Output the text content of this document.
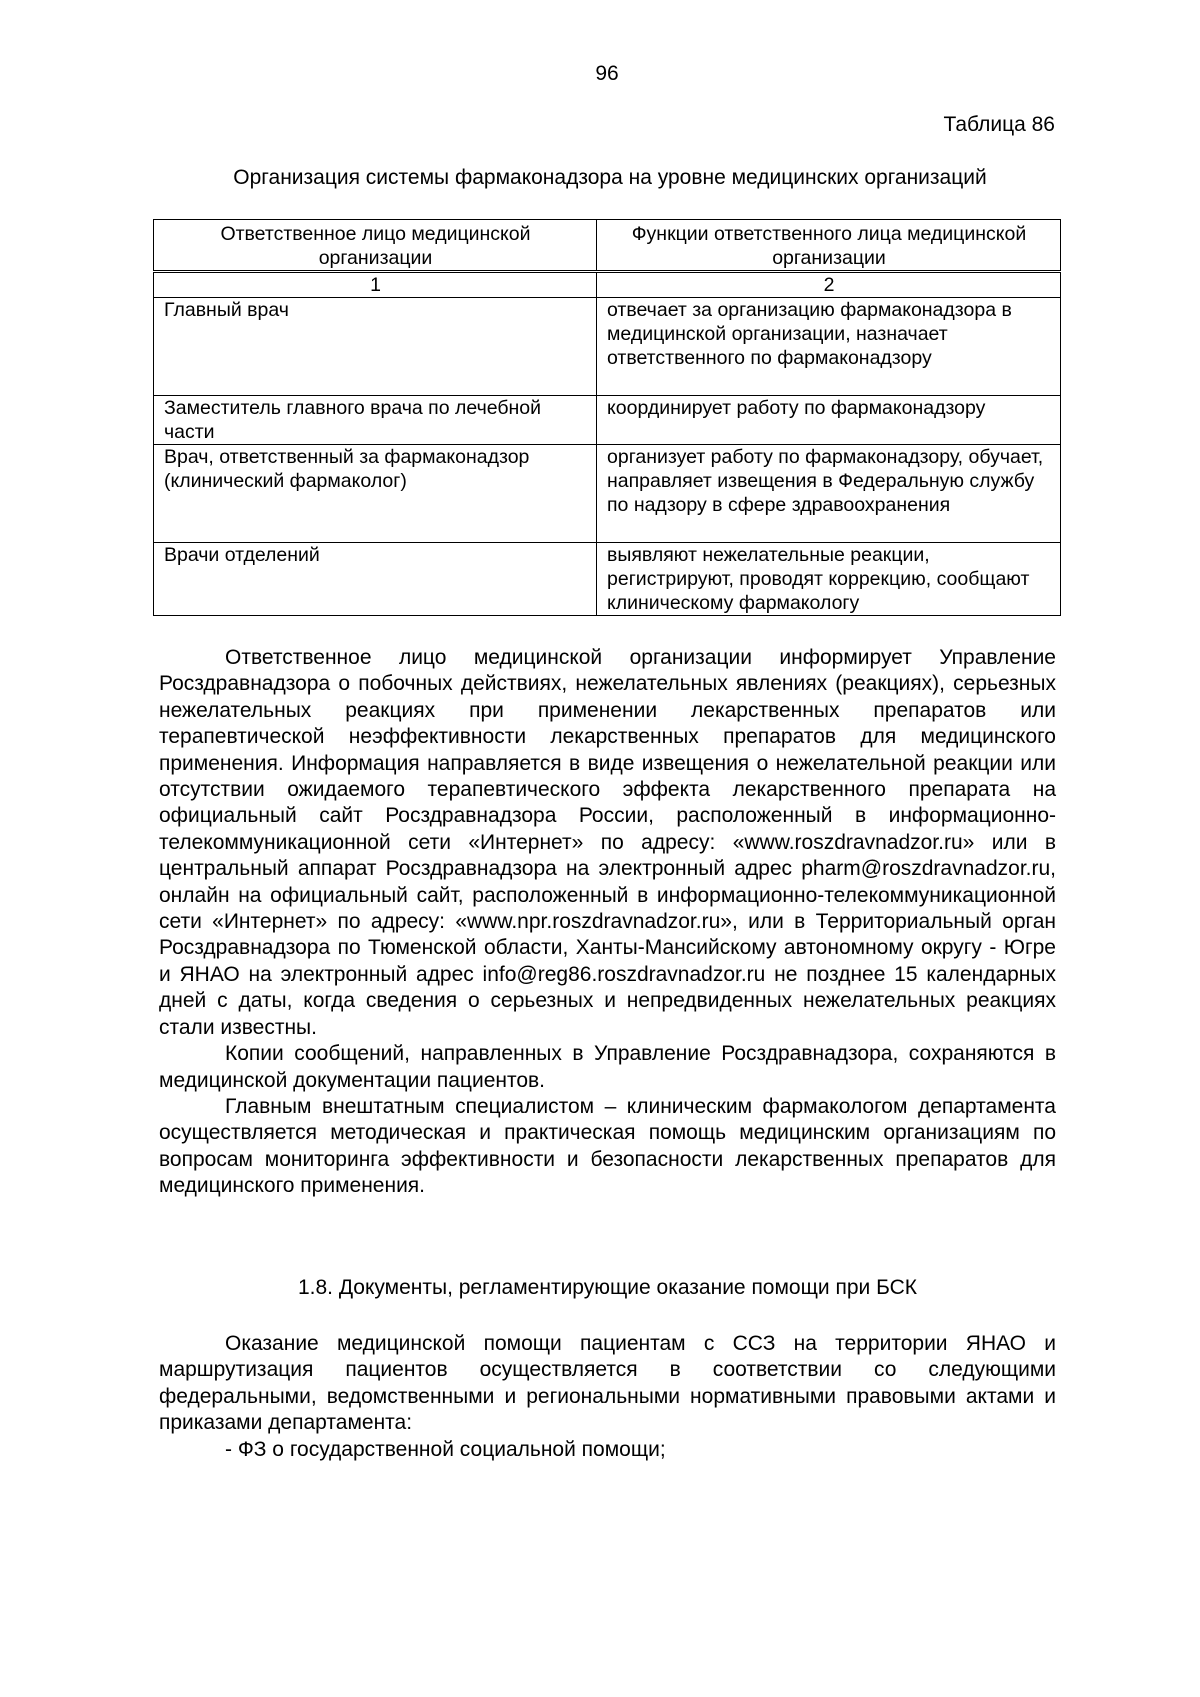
96
Таблица 86
Организация системы фармаконадзора на уровне медицинских организаций
Ответственное лицо медицинской организации	Функции ответственного лица медицинской организации
1	2
Главный врач	отвечает за организацию фармаконадзора в медицинской организации, назначает ответственного по фармаконадзору
Заместитель главного врача по лечебной части	координирует работу по фармаконадзору
Врач, ответственный за фармаконадзор (клинический фармаколог)	организует работу по фармаконадзору, обучает, направляет извещения в Федеральную службу по надзору в сфере здравоохранения
Врачи отделений	выявляют нежелательные реакции, регистрируют, проводят коррекцию, сообщают клиническому фармакологу

Ответственное лицо медицинской организации информирует Управление Росздравнадзора о побочных действиях, нежелательных явлениях (реакциях), серьезных нежелательных реакциях при применении лекарственных препаратов или терапевтической неэффективности лекарственных препаратов для медицинского применения. Информация направляется в виде извещения о нежелательной реакции или отсутствии ожидаемого терапевтического эффекта лекарственного препарата на официальный сайт Росздравнадзора России, расположенный в информационно-телекоммуникационной сети «Интернет» по адресу: «www.roszdravnadzor.ru» или в центральный аппарат Росздравнадзора на электронный адрес pharm@roszdravnadzor.ru, онлайн на официальный сайт, расположенный в информационно-телекоммуникационной сети «Интернет» по адресу: «www.npr.roszdravnadzor.ru», или в Территориальный орган Росздравнадзора по Тюменской области, Ханты-Мансийскому автономному округу - Югре и ЯНАО на электронный адрес info@reg86.roszdravnadzor.ru не позднее 15 календарных дней с даты, когда сведения о серьезных и непредвиденных нежелательных реакциях стали известны.

Копии сообщений, направленных в Управление Росздравнадзора, сохраняются в медицинской документации пациентов.

Главным внештатным специалистом – клиническим фармакологом департамента осуществляется методическая и практическая помощь медицинским организациям по вопросам мониторинга эффективности и безопасности лекарственных препаратов для медицинского применения.

1.8. Документы, регламентирующие оказание помощи при БСК

Оказание медицинской помощи пациентам с ССЗ на территории ЯНАО и маршрутизация пациентов осуществляется в соответствии со следующими федеральными, ведомственными и региональными нормативными правовыми актами и приказами департамента:

- ФЗ о государственной социальной помощи;
